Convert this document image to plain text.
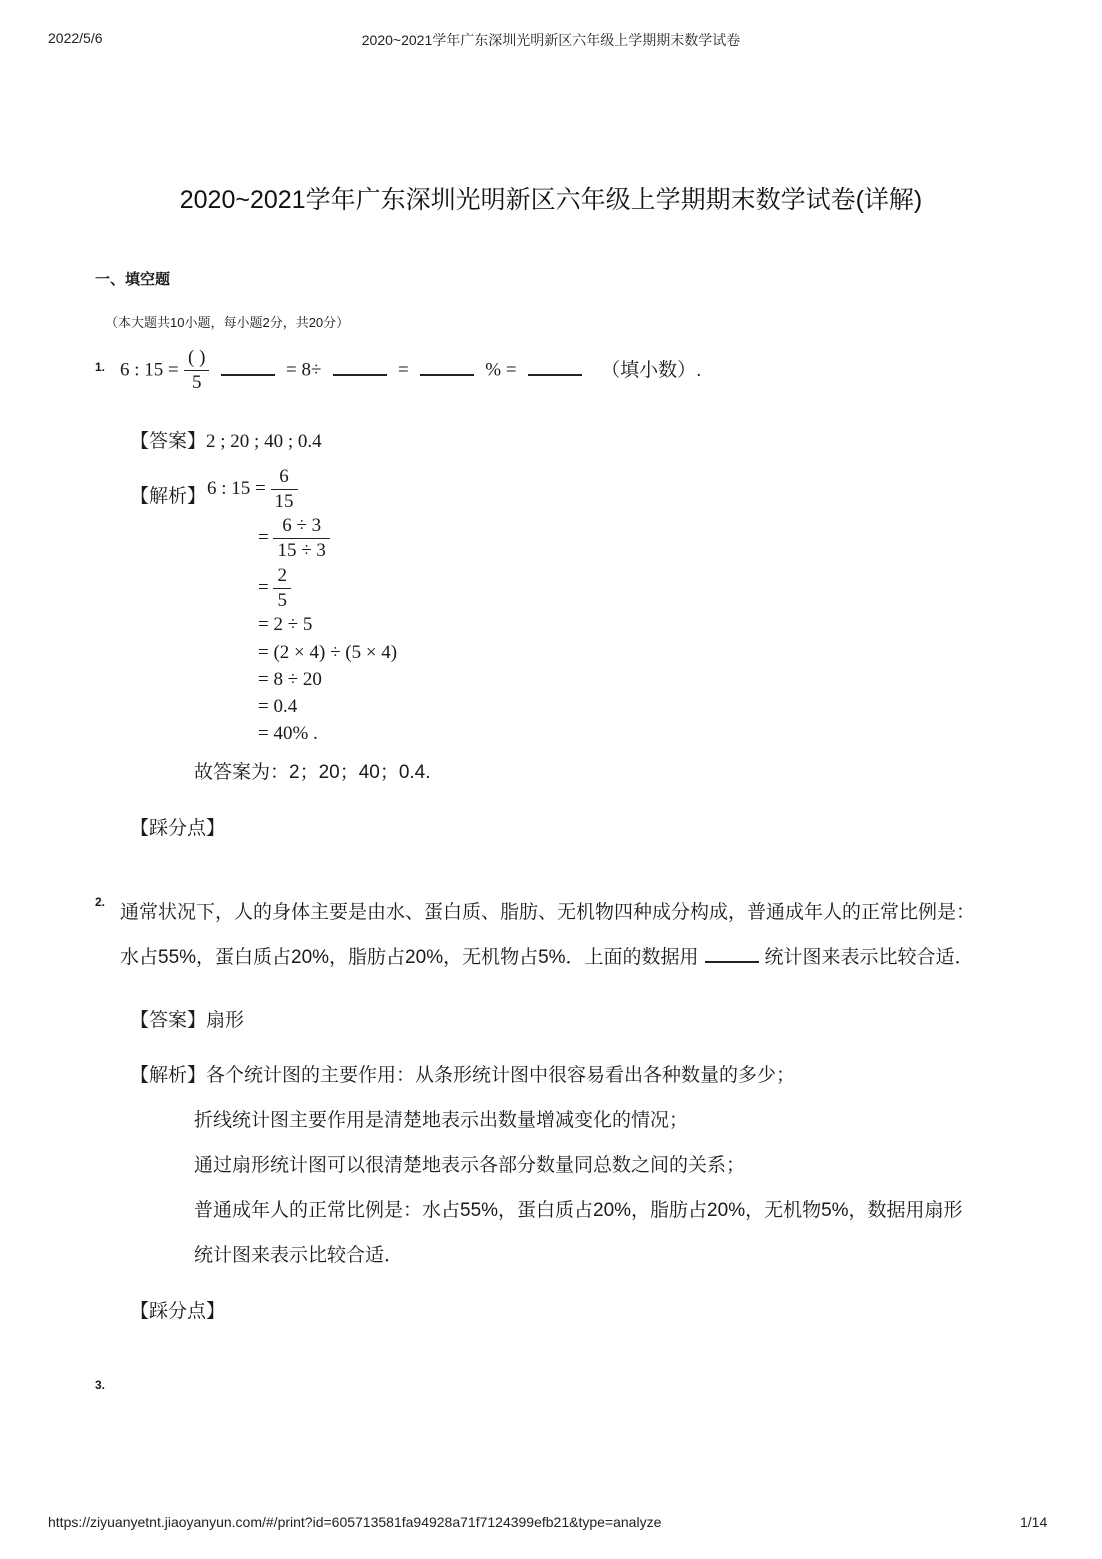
2022/5/6	2020~2021学年广东深圳光明新区六年级上学期期末数学试卷
2020~2021学年广东深圳光明新区六年级上学期期末数学试卷(详解)
一、填空题
（本大题共10小题，每小题2分，共20分）
1. 6 : $15 = \frac{( )}{5}$	= 8÷	=	% =	（填小数）.
【答案】2 ; 20 ; 40 ; 0.4
【解析】 6 : $15 = \frac{6}{15}$
= $\frac{6 \div 3}{15 \div 3}$
= $\frac{2}{5}$
= 2 ÷ 5
= (2 × 4) ÷ (5 × 4)
= 8 ÷ 20
= 0.4
= 40% .
故答案为：2；20；40；0.4.
【踩分点】
2. 通常状况下，人的身体主要是由水、蛋白质、脂肪、无机物四种成分构成，普通成年人的正常比例是：
水占55%，蛋白质占20%，脂肪占20%，无机物占5%．上面的数据用	统计图来表示比较合适．
【答案】扇形
【解析】各个统计图的主要作用：从条形统计图中很容易看出各种数量的多少；
折线统计图主要作用是清楚地表示出数量增减变化的情况；
通过扇形统计图可以很清楚地表示各部分数量同总数之间的关系；
普通成年人的正常比例是：水占55%，蛋白质占20%，脂肪占20%，无机物5%，数据用扇形
统计图来表示比较合适．
【踩分点】
3.
https://ziyuanyetnt.jiaoyanyun.com/#/print?id=605713581fa94928a71f7124399efb21&type=analyze	1/14
